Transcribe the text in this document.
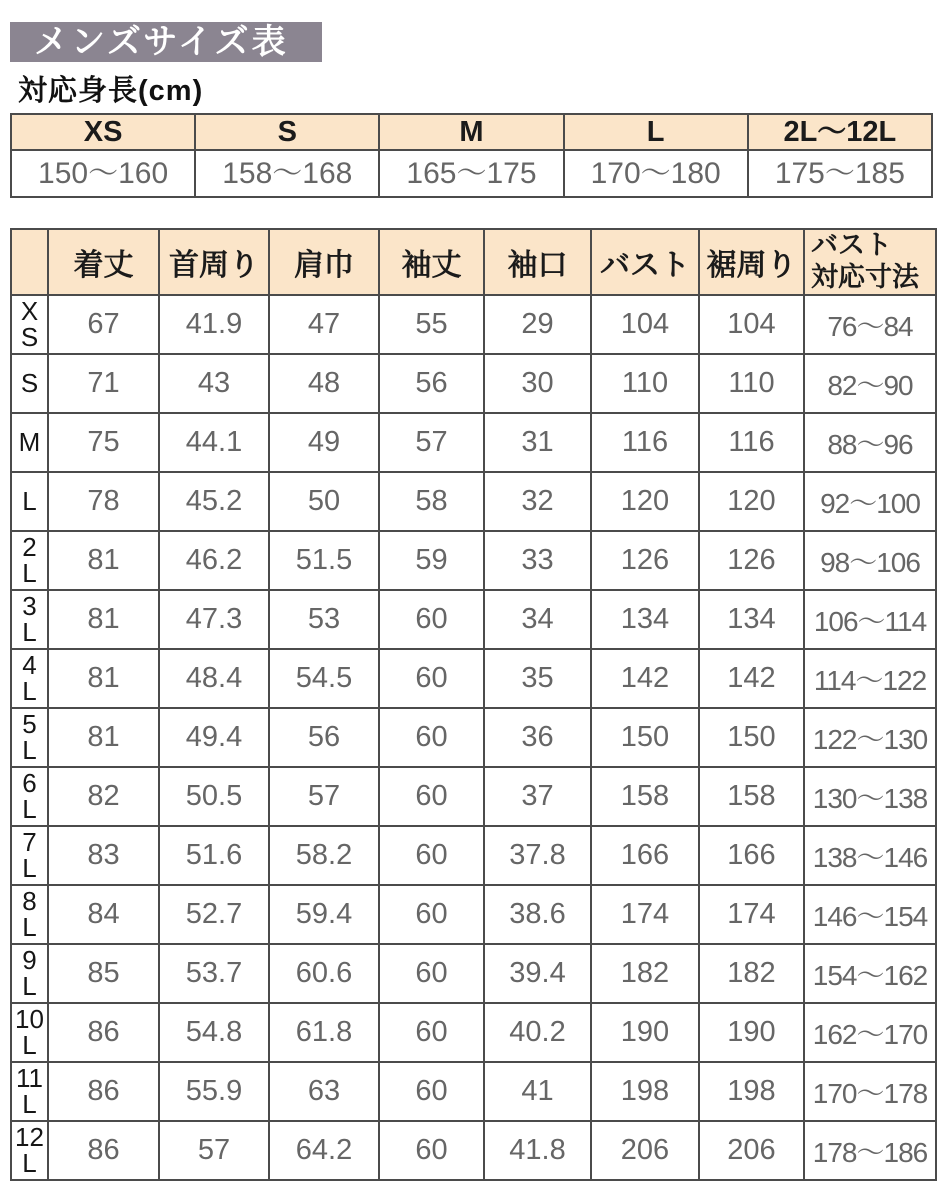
メンズサイズ表
対応身長(cm)
XS	S	M	L	2L〜12L
150〜160	158〜168	165〜175	170〜180	175〜185
	着丈	首周り	肩巾	袖丈	袖口	バスト	裾周り	バスト
対応寸法

X
S	67	41.9	47	55	29	104	104	76〜84

S	71	43	48	56	30	110	110	82〜90

M	75	44.1	49	57	31	116	116	88〜96

L	78	45.2	50	58	32	120	120	92〜100

2
L	81	46.2	51.5	59	33	126	126	98〜106

3
L	81	47.3	53	60	34	134	134	106〜114

4
L	81	48.4	54.5	60	35	142	142	114〜122

5
L	81	49.4	56	60	36	150	150	122〜130

6
L	82	50.5	57	60	37	158	158	130〜138

7
L	83	51.6	58.2	60	37.8	166	166	138〜146

8
L	84	52.7	59.4	60	38.6	174	174	146〜154

9
L	85	53.7	60.6	60	39.4	182	182	154〜162

10
L	86	54.8	61.8	60	40.2	190	190	162〜170

11
L	86	55.9	63	60	41	198	198	170〜178

12
L	86	57	64.2	60	41.8	206	206	178〜186
